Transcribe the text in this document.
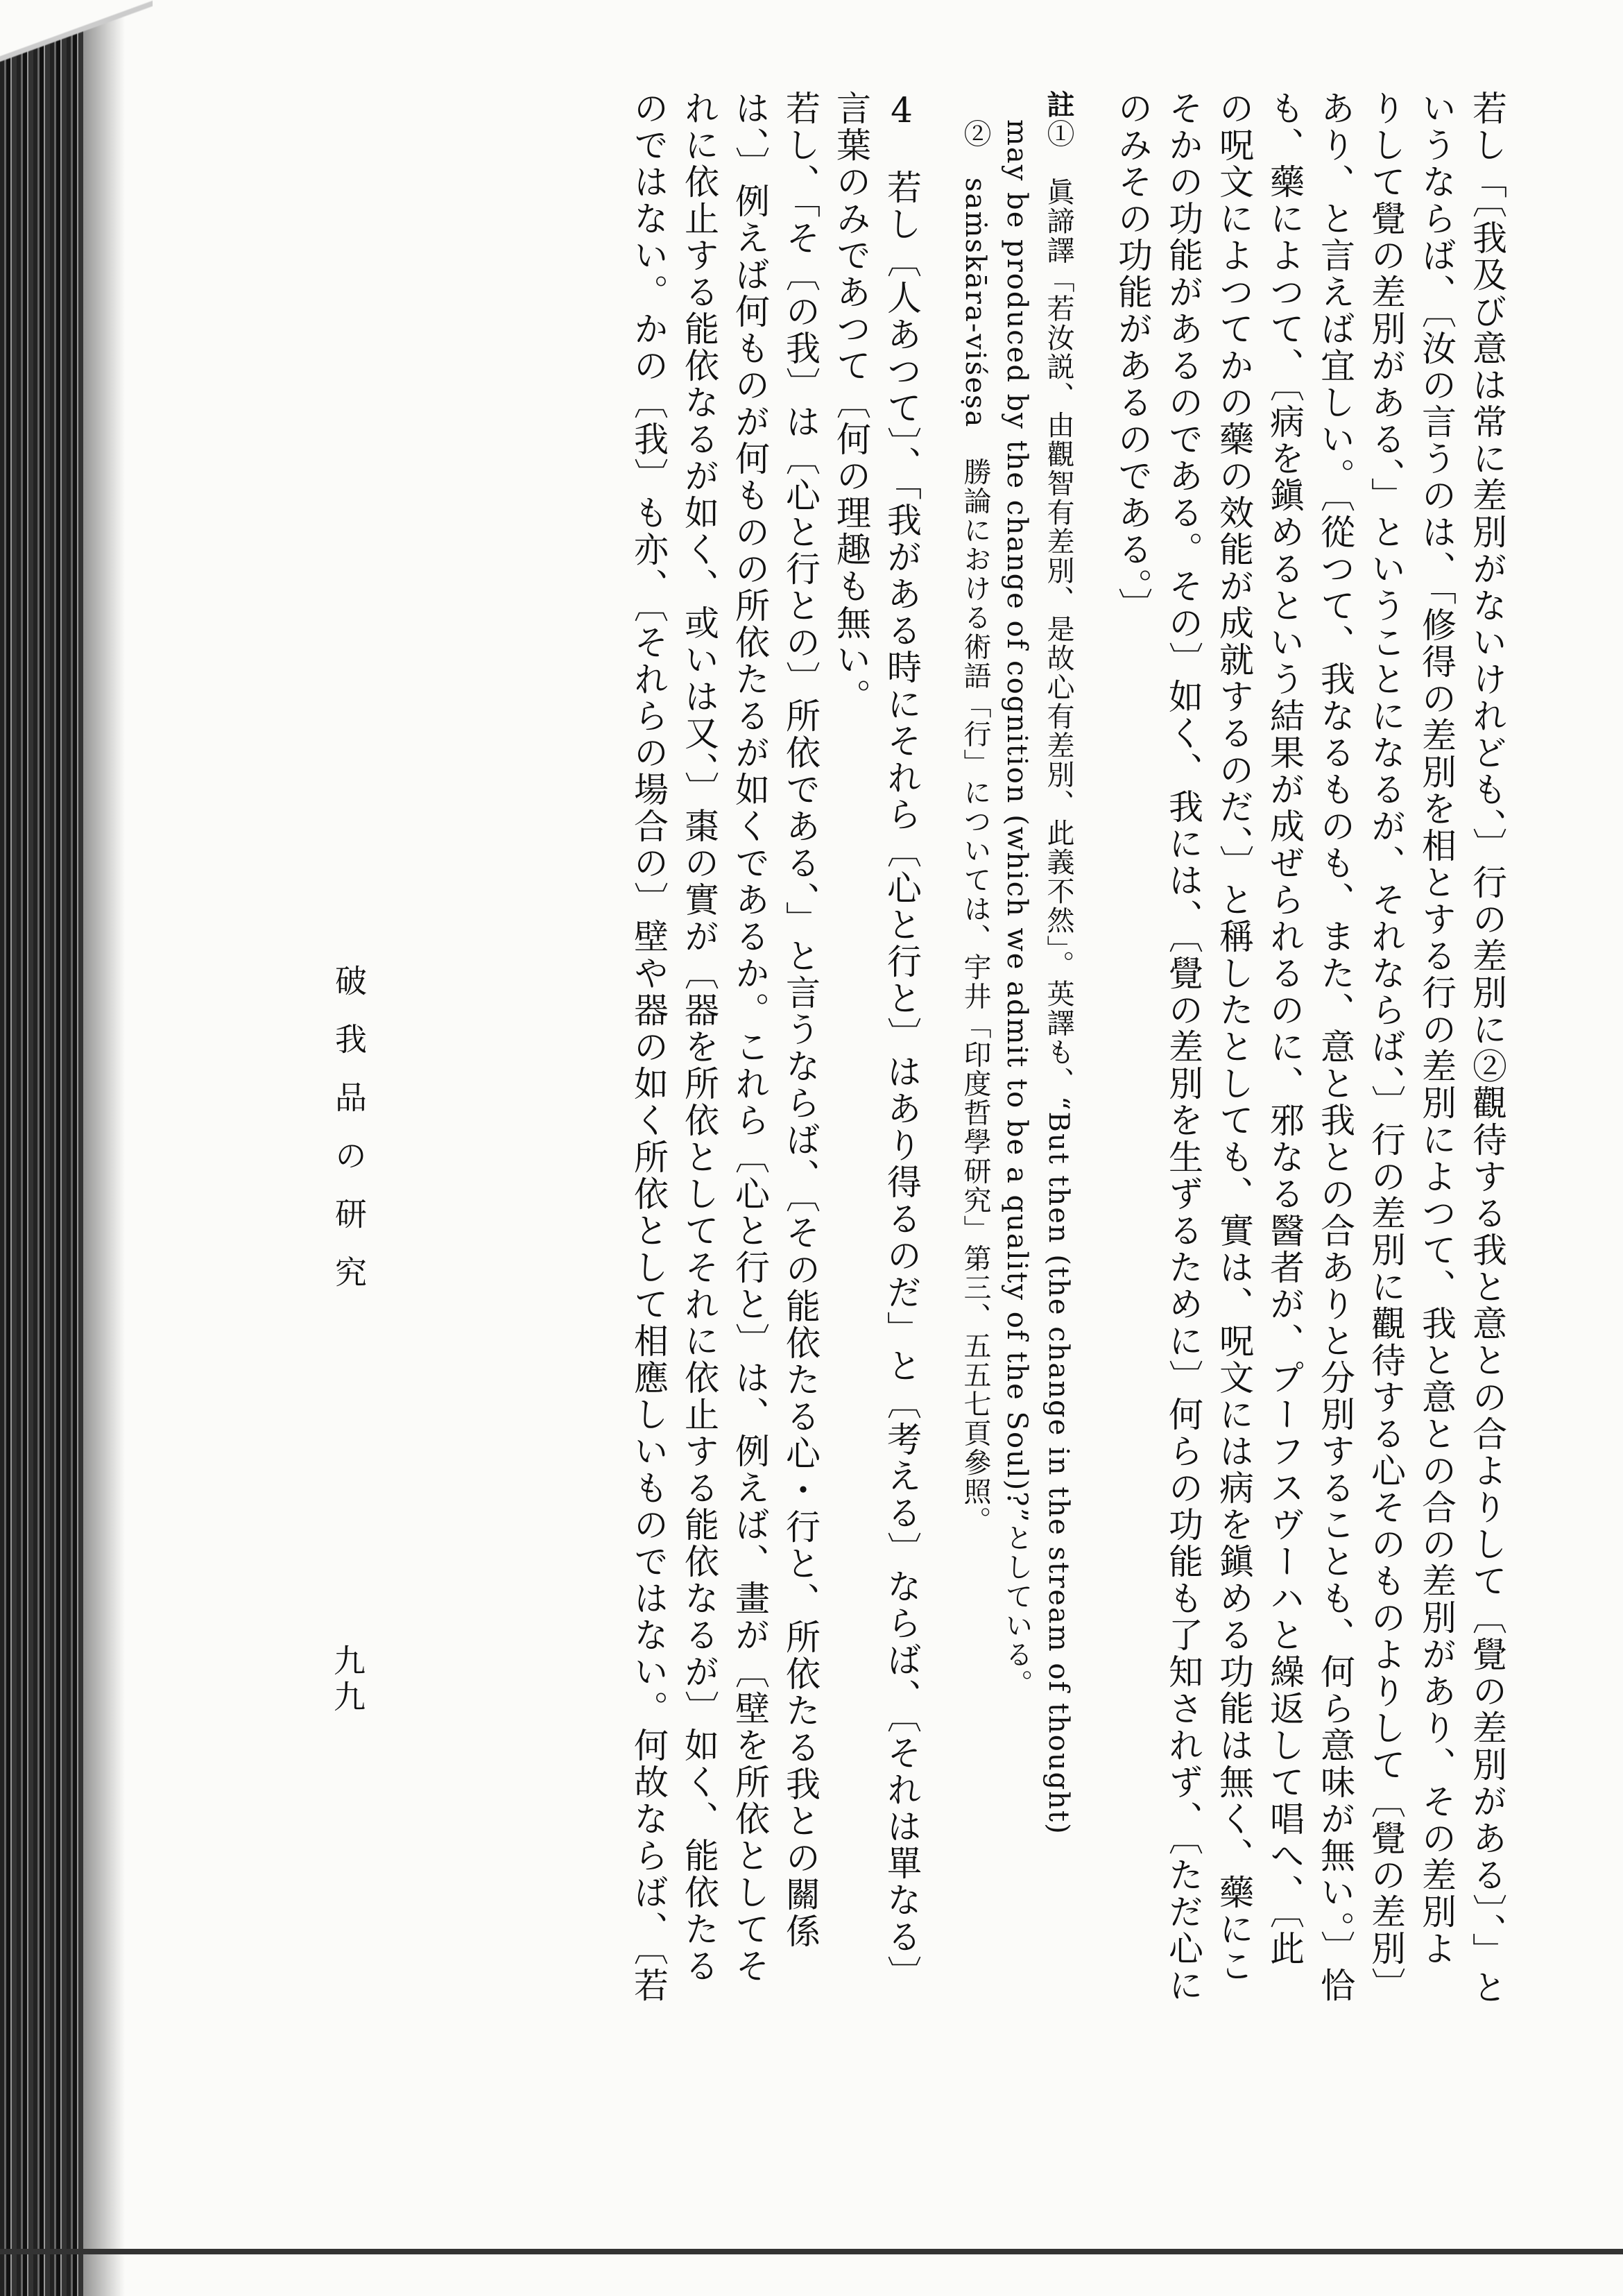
若し「〔我及び意は常に差別がないけれども、〕行の差別に②觀待する我と意との合よりして〔覺の差別がある〕、」と

いうならば、〔汝の言うのは、「修得の差別を相とする行の差別によつて、我と意との合の差別があり、その差別よ

りして覺の差別がある、」ということになるが、それならば、〕行の差別に觀待する心そのものよりして〔覺の差別〕

あり、と言えば宜しい。〔從つて、我なるものも、また、意と我との合ありと分別することも、何ら意味が無い。〕恰

も、藥によつて、〔病を鎭めるという結果が成ぜられるのに、邪なる醫者が、プーフスヴーハと繰返して唱へ、〔此

の呪文によつてかの藥の效能が成就するのだ、〕と稱したとしても、實は、呪文には病を鎭める功能は無く、藥にこ

そかの功能があるのである。その〕如く、我には、〔覺の差別を生ずるために〕何らの功能も了知されず、〔ただ心に

のみその功能があるのである。〕

註①　眞諦譯「若汝説、由觀智有差別、是故心有差別、此義不然」。英譯も、“But then (the change in the stream of thought)

　may be produced by the change of cognition (which we admit to be a quality of the Soul)?”としている。

　②　saṁskāra-viśeṣa　勝論における術語「行」については、宇井「印度哲學研究」第三、五五七頁參照。

4　若し〔人あつて〕、「我がある時にそれら〔心と行と〕はあり得るのだ」と〔考える〕ならば、〔それは單なる〕

言葉のみであつて〔何の理趣も無い。

若し、「そ〔の我〕は〔心と行との〕所依である、」と言うならば、〔その能依たる心・行と、所依たる我との關係

は、〕例えば何ものが何ものの所依たるが如くであるか。これら〔心と行と〕は、例えば、畫が〔壁を所依としてそ

れに依止する能依なるが如く、或いは又、〕棗の實が〔器を所依としてそれに依止する能依なるが〕如く、能依たる

のではない。かの〔我〕も亦、〔それらの場合の〕壁や器の如く所依として相應しいものではない。何故ならば、〔若

破我品の研究
九九
